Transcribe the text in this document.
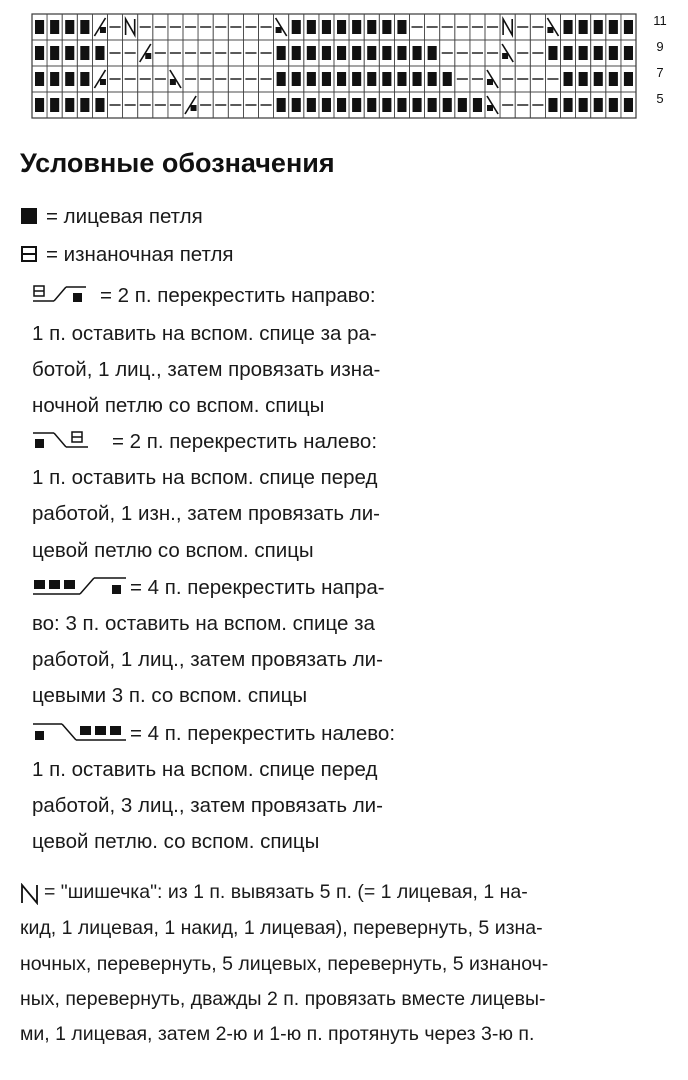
11
9
7
5
Условные обозначения
= лицевая петля
= изнаночная петля
= 2 п. перекрестить направо:
1 п. оставить на вспом. спице за ра-
ботой, 1 лиц., затем провязать изна-
ночной петлю со вспом. спицы
= 2 п. перекрестить налево:
1 п. оставить на вспом. спице перед
работой, 1 изн., затем провязать ли-
цевой петлю со вспом. спицы
= 4 п. перекрестить напра-
во: 3 п. оставить на вспом. спице за
работой, 1 лиц., затем провязать ли-
цевыми 3 п. со вспом. спицы
= 4 п. перекрестить налево:
1 п. оставить на вспом. спице перед
работой, 3 лиц., затем провязать ли-
цевой петлю. со вспом. спицы
= "шишечка": из 1 п. вывязать 5 п. (= 1 лицевая, 1 на-
кид, 1 лицевая, 1 накид, 1 лицевая), перевернуть, 5 изна-
ночных, перевернуть, 5 лицевых, перевернуть, 5 изнаноч-
ных, перевернуть, дважды 2 п. провязать вместе лицевы-
ми, 1 лицевая, затем 2-ю и 1-ю п. протянуть через 3-ю п.
